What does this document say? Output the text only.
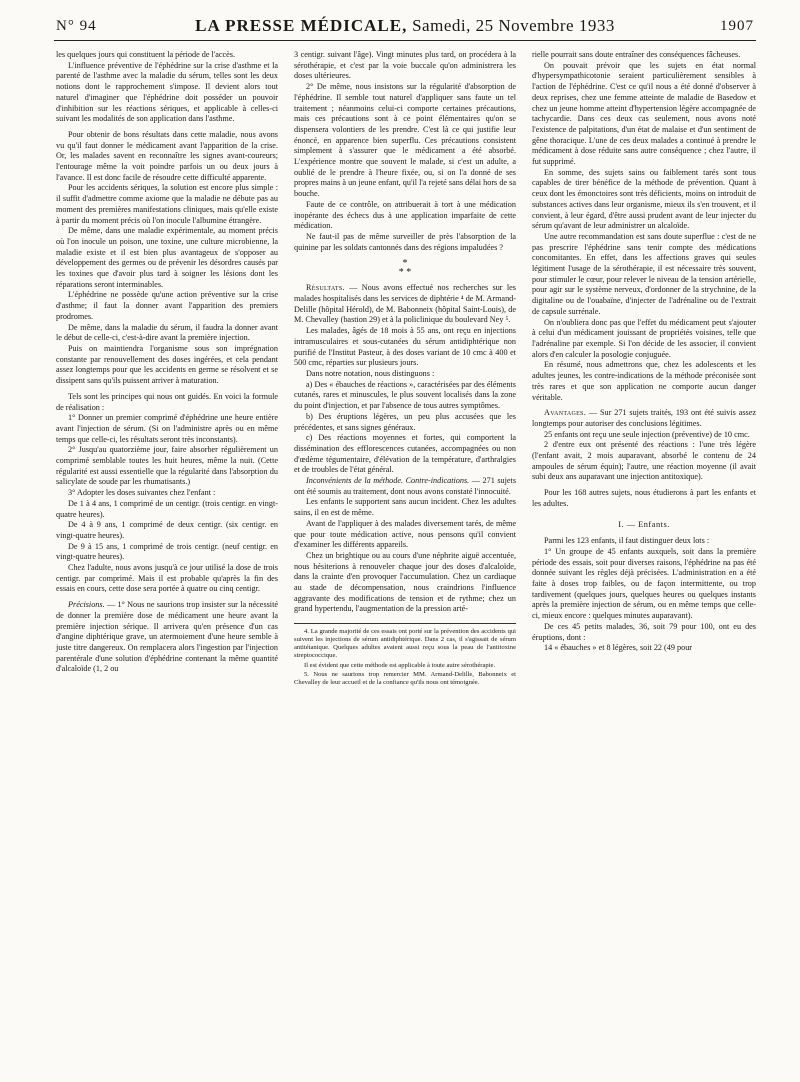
N° 94	LA PRESSE MÉDICALE, Samedi, 25 Novembre 1933	1907

les quelques jours qui constituent la période de l'accès.

L'influence préventive de l'éphédrine sur la crise d'asthme et la parenté de l'asthme avec la maladie du sérum, telles sont les deux notions dont le rapprochement s'impose. Il devient alors tout naturel d'imaginer que l'éphédrine doit posséder un pouvoir d'inhibition sur les réactions sériques, et applicable à celles-ci suivant les modalités de son application dans l'asthme.

Pour obtenir de bons résultats dans cette maladie, nous avons vu qu'il faut donner le médicament avant l'apparition de la crise. Or, les malades savent en reconnaître les signes avant-coureurs; l'entourage même la voit poindre parfois un ou deux jours à l'avance. Il est donc facile de résoudre cette difficulté apparente.

Pour les accidents sériques, la solution est encore plus simple : il suffit d'admettre comme axiome que la maladie ne débute pas au moment des premières manifestations cliniques, mais qu'elle existe à partir du moment précis où l'on inocule l'albumine étrangère.

De même, dans une maladie expérimentale, au moment précis où l'on inocule un poison, une toxine, une culture microbienne, la maladie existe et il est bien plus avantageux de s'opposer au développement des germes ou de prévenir les désordres causés par les toxines que d'avoir plus tard à soigner les lésions dont les réparations seront interminables.

L'éphédrine ne possède qu'une action préventive sur la crise d'asthme; il faut la donner avant l'apparition des premiers prodromes.

De même, dans la maladie du sérum, il faudra la donner avant le début de celle-ci, c'est-à-dire avant la première injection.

Puis on maintiendra l'organisme sous son imprégnation constante par renouvellement des doses ingérées, et cela pendant assez longtemps pour que les accidents en germe se résolvent et se dissipent sans qu'ils puissent arriver à maturation.

Tels sont les principes qui nous ont guidés. En voici la formule de réalisation :

1° Donner un premier comprimé d'éphédrine une heure entière avant l'injection de sérum. (Si on l'administre après ou en même temps que celle-ci, les résultats seront très inconstants).

2° Jusqu'au quatorzième jour, faire absorber régulièrement un comprimé semblable toutes les huit heures, même la nuit. (Cette régularité est aussi essentielle que la régularité dans l'absorption du salicylate de soude par les rhumatisants.)

3° Adopter les doses suivantes chez l'enfant :

De 1 à 4 ans, 1 comprimé de un centigr. (trois centigr. en vingt-quatre heures).

De 4 à 9 ans, 1 comprimé de deux centigr. (six centigr. en vingt-quatre heures).

De 9 à 15 ans, 1 comprimé de trois centigr. (neuf centigr. en vingt-quatre heures).

Chez l'adulte, nous avons jusqu'à ce jour utilisé la dose de trois centigr. par comprimé. Mais il est probable qu'après la fin des essais en cours, cette dose sera portée à quatre ou cinq centigr.

Précisions. — 1° Nous ne saurions trop insister sur la nécessité de donner la première dose de médicament une heure avant la première injection sérique. Il arrivera qu'en présence d'un cas d'angine diphtérique grave, un atermoiement d'une heure semble à juste titre dangereux. On remplacera alors l'ingestion par l'injection parentérale d'une solution d'éphédrine contenant la même quantité d'alcaloïde (1, 2 ou

3 centigr. suivant l'âge). Vingt minutes plus tard, on procédera à la sérothérapie, et c'est par la voie buccale qu'on administrera les doses ultérieures.

2° De même, nous insistons sur la régularité d'absorption de l'éphédrine. Il semble tout naturel d'appliquer sans faute un tel traitement ; néanmoins celui-ci comporte certaines précautions, mais ces précautions sont à ce point élémentaires qu'on se dispensera volontiers de les prendre. C'est là ce qui justifie leur énoncé, en apparence bien superflu. Ces précautions consistent simplement à s'assurer que le médicament a été absorbé. L'expérience montre que souvent le malade, si c'est un adulte, a oublié de le prendre à l'heure fixée, ou, si on l'a donné de ses propres mains à un jeune enfant, qu'il l'a rejeté sans délai hors de sa bouche.

Faute de ce contrôle, on attribuerait à tort à une médication inopérante des échecs dus à une application imparfaite de cette médication.

Ne faut-il pas de même surveiller de près l'absorption de la quinine par les soldats cantonnés dans des régions impaludées ?

*
* *

Résultats. — Nous avons effectué nos recherches sur les malades hospitalisés dans les services de diphtérie ⁴ de M. Armand-Delille (hôpital Hérold), de M. Babonneix (hôpital Saint-Louis), de M. Chevalley (bastion 29) et à la policlinique du boulevard Ney ⁵.

Les malades, âgés de 18 mois à 55 ans, ont reçu en injections intramusculaires et sous-cutanées du sérum antidiphtérique non purifié de l'Institut Pasteur, à des doses variant de 10 cmc à 400 et 500 cmc, réparties sur plusieurs jours.

Dans notre notation, nous distinguons :

a) Des « ébauches de réactions », caractérisées par des éléments cutanés, rares et minuscules, le plus souvent localisés dans la zone du point d'injection, et par l'absence de tous autres symptômes.

b) Des éruptions légères, un peu plus accusées que les précédentes, et sans signes généraux.

c) Des réactions moyennes et fortes, qui comportent la dissémination des efflorescences cutanées, accompagnées ou non d'œdème tégumentaire, d'élévation de la température, d'arthralgies et de troubles de l'état général.

Inconvénients de la méthode. Contre-indications. — 271 sujets ont été soumis au traitement, dont nous avons constaté l'innocuité.

Les enfants le supportent sans aucun incident. Chez les adultes sains, il en est de même.

Avant de l'appliquer à des malades diversement tarés, de même que pour toute médication active, nous pensons qu'il convient d'examiner les différents appareils.

Chez un brightique ou au cours d'une néphrite aiguë accentuée, nous hésiterions à renouveler chaque jour des doses d'alcaloïde, dans la crainte d'en provoquer l'accumulation. Chez un cardiaque au stade de décompensation, nous craindrions l'influence aggravante des modifications de tension et de rythme; chez un grand hypertendu, l'augmentation de la pression arté-

4. La grande majorité de ces essais ont porté sur la prévention des accidents qui suivent les injections de sérum antidiphtérique. Dans 2 cas, il s'agissait de sérum antitétanique. Quelques adultes avaient aussi reçu sous la peau de l'antitoxine streptococcique.

Il est évident que cette méthode est applicable à toute autre sérothérapie.

5. Nous ne saurions trop remercier MM. Armand-Delille, Babonneix et Chevalley de leur accueil et de la confiance qu'ils nous ont témoignée.

rielle pourrait sans doute entraîner des conséquences fâcheuses.

On pouvait prévoir que les sujets en état normal d'hypersympathicotonie seraient particulièrement sensibles à l'action de l'éphédrine. C'est ce qu'il nous a été donné d'observer à deux reprises, chez une femme atteinte de maladie de Basedow et chez un jeune homme atteint d'hypertension légère accompagnée de tachycardie. Dans ces deux cas seulement, nous avons noté l'existence de palpitations, d'un état de malaise et d'un sentiment de gêne thoracique. L'une de ces deux malades a continué à prendre le médicament à dose réduite sans autre conséquence ; chez l'autre, il fut supprimé.

En somme, des sujets sains ou faiblement tarés sont tous capables de tirer bénéfice de la méthode de prévention. Quant à ceux dont les émonctoires sont très déficients, moins on introduit de substances actives dans leur organisme, mieux ils s'en trouvent, et il convient, à leur égard, d'être aussi prudent avant de leur injecter du sérum qu'avant de leur administrer un alcaloïde.

Une autre recommandation est sans doute superflue : c'est de ne pas prescrire l'éphédrine sans tenir compte des médications concomitantes. En effet, dans les affections graves qui seules légitiment l'usage de la sérothérapie, il est nécessaire très souvent, pour stimuler le cœur, pour relever le niveau de la tension artérielle, pour agir sur le système nerveux, d'ordonner de la strychnine, de la digitaline ou de l'ouabaïne, d'injecter de l'adrénaline ou de l'extrait de capsule surrénale.

On n'oubliera donc pas que l'effet du médicament peut s'ajouter à celui d'un médicament jouissant de propriétés voisines, telle que l'adrénaline par exemple. Si l'on décide de les associer, il convient alors d'en calculer la posologie conjuguée.

En résumé, nous admettrons que, chez les adolescents et les adultes jeunes, les contre-indications de la méthode préconisée sont très rares et que son application ne comporte aucun danger véritable.

Avantages. — Sur 271 sujets traités, 193 ont été suivis assez longtemps pour autoriser des conclusions légitimes.

25 enfants ont reçu une seule injection (préventive) de 10 cmc.

2 d'entre eux ont présenté des réactions : l'une très légère (l'enfant avait, 2 mois auparavant, absorbé le contenu de 24 ampoules de sérum équin); l'autre, une réaction moyenne (il avait subi deux ans auparavant une injection antitoxique).

Pour les 168 autres sujets, nous étudierons à part les enfants et les adultes.

I. — Enfants.

Parmi les 123 enfants, il faut distinguer deux lots :

1° Un groupe de 45 enfants auxquels, soit dans la première période des essais, soit pour diverses raisons, l'éphédrine na pas été donnée suivant les règles déjà précisées. L'administration en a été faite à doses trop faibles, ou de façon intermittente, ou trop tardivement (quelques jours, quelques heures ou quelques instants après la première injection de sérum, ou en même temps que celle-ci, mieux encore : quelques minutes auparavant).

De ces 45 petits malades, 36, soit 79 pour 100, ont eu des éruptions, dont :

14 « ébauches » et 8 légères, soit 22 (49 pour
